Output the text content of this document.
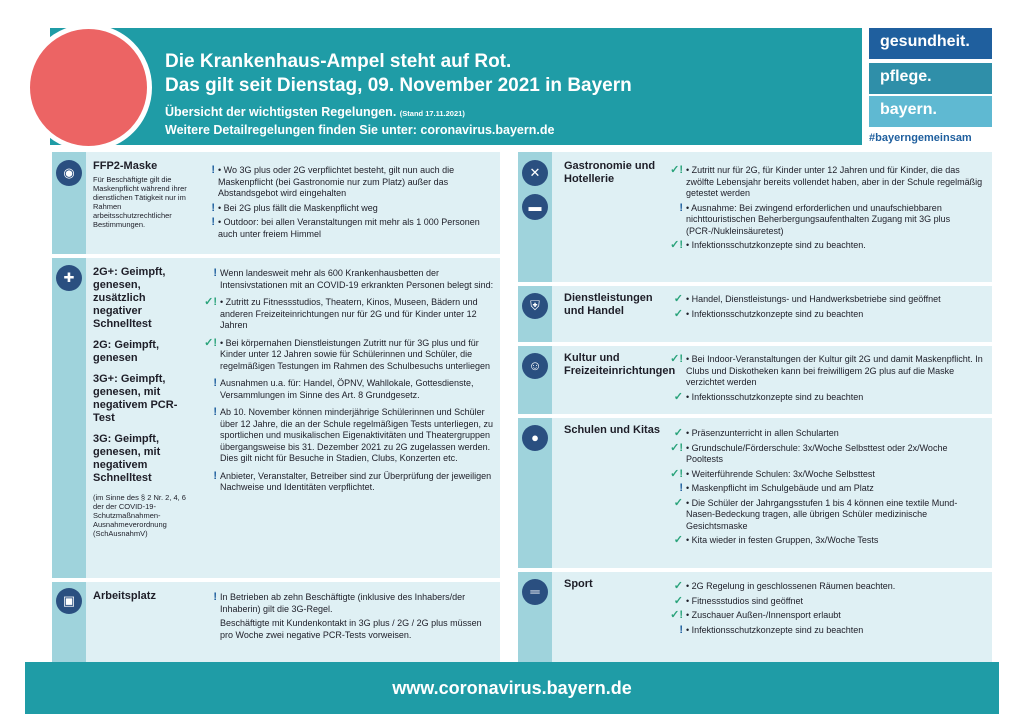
Die Krankenhaus-Ampel steht auf Rot.
Das gilt seit Dienstag, 09. November 2021 in Bayern
Übersicht der wichtigsten Regelungen. (Stand 17.11.2021)
Weitere Detailregelungen finden Sie unter: coronavirus.bayern.de
gesundheit.
pflege.
bayern.
#bayerngemeinsam
◉	FFP2-Maske
Für Beschäftigte gilt die Maskenpflicht während ihrer dienstlichen Tätigkeit nur im Rahmen arbeitsschutzrechtlicher Bestimmungen.
! • Wo 3G plus oder 2G verpflichtet besteht, gilt nun auch die Maskenpflicht (bei Gastronomie nur zum Platz) außer das Abstandsgebot wird eingehalten
! • Bei 2G plus fällt die Maskenpflicht weg
! • Outdoor: bei allen Veranstaltungen mit mehr als 1 000 Personen auch unter freiem Himmel
✚	2G+: Geimpft, genesen, zusätzlich negativer Schnelltest
2G: Geimpft, genesen
3G+: Geimpft, genesen, mit negativem PCR-Test
3G: Geimpft, genesen, mit negativem Schnelltest
(im Sinne des § 2 Nr. 2, 4, 6 der der COVID-19-Schutzmaßnahmen-Ausnahmeverordnung (SchAusnahmV)
! Wenn landesweit mehr als 600 Krankenhausbetten der Intensivstationen mit an COVID-19 erkrankten Personen belegt sind:
✓! • Zutritt zu Fitnessstudios, Theatern, Kinos, Museen, Bädern und anderen Freizeiteinrichtungen nur für 2G und für Kinder unter 12 Jahren
✓! • Bei körpernahen Dienstleistungen Zutritt nur für 3G plus und für Kinder unter 12 Jahren sowie für Schülerinnen und Schüler, die regelmäßigen Testungen im Rahmen des Schulbesuchs unterliegen
! Ausnahmen u.a. für: Handel, ÖPNV, Wahllokale, Gottesdienste, Versammlungen im Sinne des Art. 8 Grundgesetz.
! Ab 10. November können minderjährige Schülerinnen und Schüler über 12 Jahre, die an der Schule regelmäßigen Tests unterliegen, zu sportlichen und musikalischen Eigenaktivitäten und Theatergruppen übergangsweise bis 31. Dezember 2021 zu 2G zugelassen werden. Dies gilt nicht für Besuche in Stadien, Clubs, Konzerten etc.
! Anbieter, Veranstalter, Betreiber sind zur Überprüfung der jeweiligen Nachweise und Identitäten verpflichtet.
▣	Arbeitsplatz	! In Betrieben ab zehn Beschäftigte (inklusive des Inhabers/der Inhaberin) gilt die 3G-Regel.
Beschäftigte mit Kundenkontakt in 3G plus / 2G / 2G plus müssen pro Woche zwei negative PCR-Tests vorweisen.
✕
▬
Gastronomie und Hotellerie
✓! • Zutritt nur für 2G, für Kinder unter 12 Jahren und für Kinder, die das zwölfte Lebensjahr bereits vollendet haben, aber in der Schule regelmäßig getestet werden
! • Ausnahme: Bei zwingend erforderlichen und unaufschiebbaren nichttouristischen Beherbergungsaufenthalten Zugang mit 3G plus (PCR-/Nukleinsäuretest)
✓! • Infektionsschutzkonzepte sind zu beachten.
⛨	Dienstleistungen und Handel
✓ • Handel, Dienstleistungs- und Handwerksbetriebe sind geöffnet
✓ • Infektionsschutzkonzepte sind zu beachten
☺	Kultur und Freizeiteinrichtungen
✓! • Bei Indoor-Veranstaltungen der Kultur gilt 2G und damit Maskenpflicht. In Clubs und Diskotheken kann bei freiwilligem 2G plus auf die Maske verzichtet werden
✓ • Infektionsschutzkonzepte sind zu beachten
●	Schulen und Kitas	✓ • Präsenzunterricht in allen Schularten
✓! • Grundschule/Förderschule: 3x/Woche Selbsttest oder 2x/Woche Pooltests
✓! • Weiterführende Schulen: 3x/Woche Selbsttest
! • Maskenpflicht im Schulgebäude und am Platz
✓ • Die Schüler der Jahrgangsstufen 1 bis 4 können eine textile Mund-Nasen-Bedeckung tragen, alle übrigen Schüler medizinische Gesichtsmaske
✓ • Kita wieder in festen Gruppen, 3x/Woche Tests
═	Sport	✓ • 2G Regelung in geschlossenen Räumen beachten.
✓ • Fitnessstudios sind geöffnet
✓! • Zuschauer Außen-/Innensport erlaubt
! • Infektionsschutzkonzepte sind zu beachten
www.coronavirus.bayern.de
